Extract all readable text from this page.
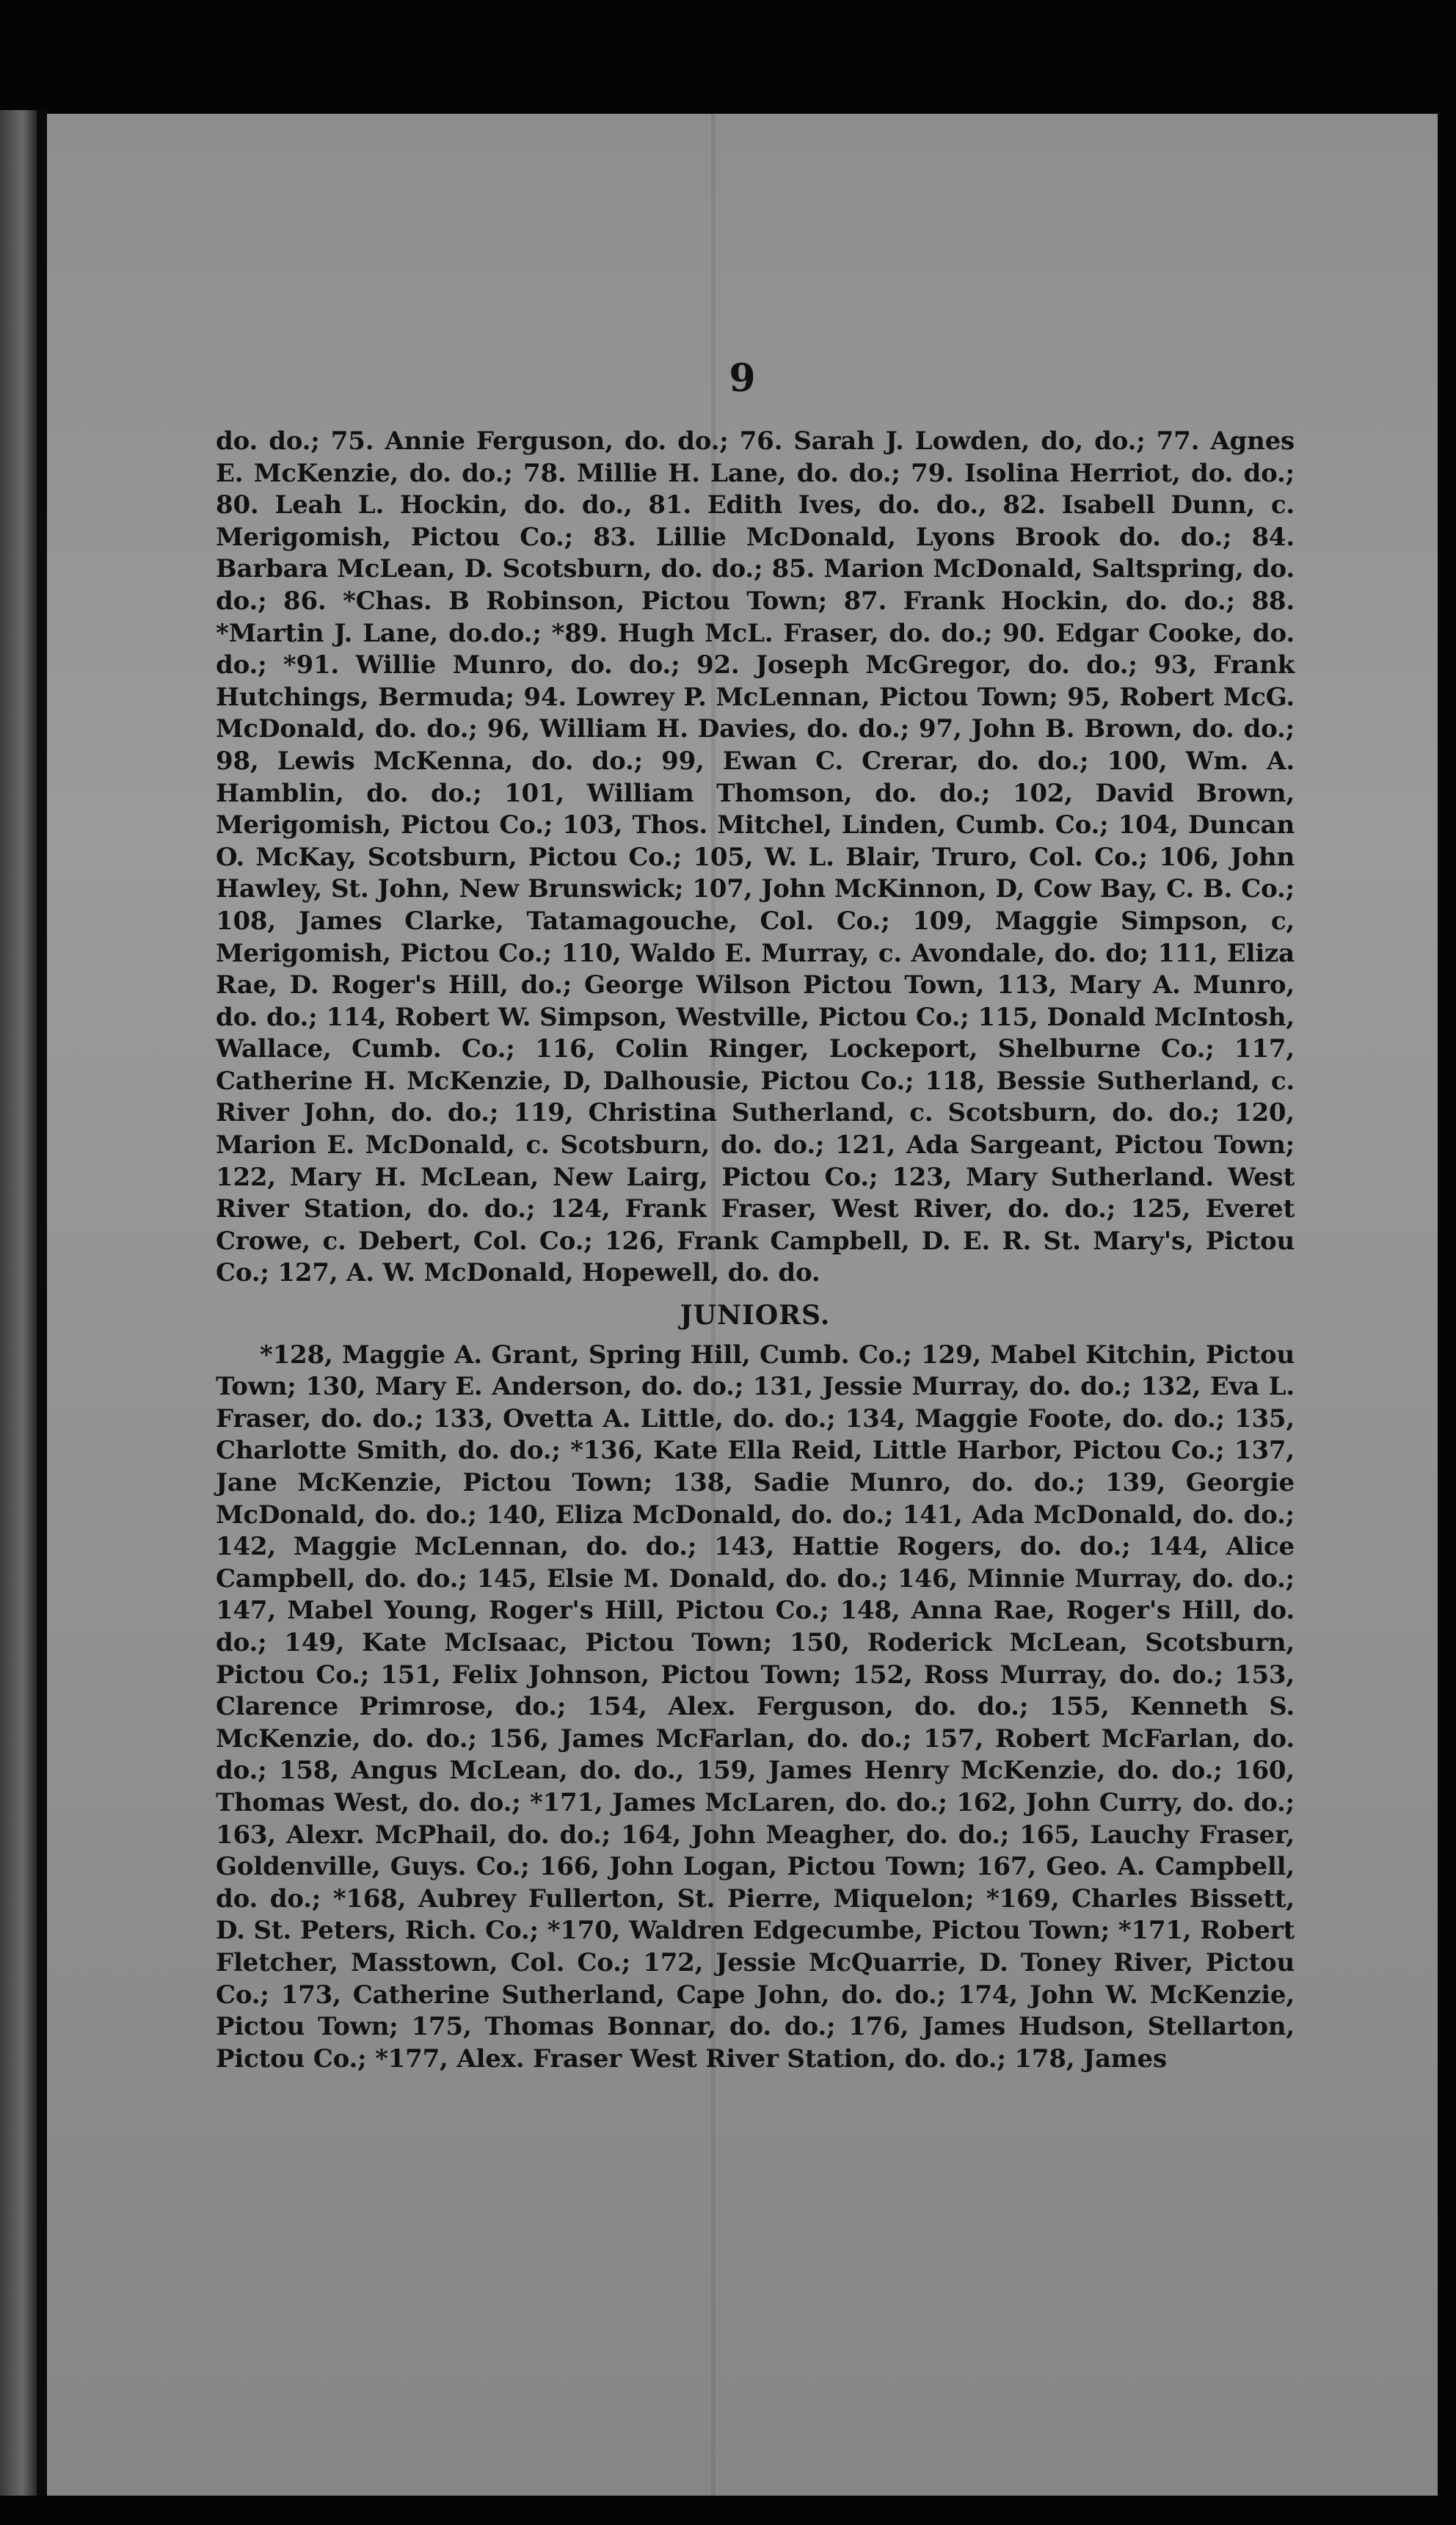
9

do. do.; 75. Annie Ferguson, do. do.; 76. Sarah J. Lowden, do, do.; 77. Agnes E. McKenzie, do. do.; 78. Millie H. Lane, do. do.; 79. Isolina Herriot, do. do.; 80. Leah L. Hockin, do. do., 81. Edith Ives, do. do., 82. Isabell Dunn, c. Merigomish, Pictou Co.; 83. Lillie McDonald, Lyons Brook do. do.; 84. Barbara McLean, D. Scotsburn, do. do.; 85. Marion McDonald, Saltspring, do. do.; 86. *Chas. B Robinson, Pictou Town; 87. Frank Hockin, do. do.; 88. *Martin J. Lane, do.do.; *89. Hugh McL. Fraser, do. do.; 90. Edgar Cooke, do. do.; *91. Willie Munro, do. do.; 92. Joseph McGregor, do. do.; 93, Frank Hutchings, Bermuda; 94. Lowrey P. McLennan, Pictou Town; 95, Robert McG. McDonald, do. do.; 96, William H. Davies, do. do.; 97, John B. Brown, do. do.; 98, Lewis McKenna, do. do.; 99, Ewan C. Crerar, do. do.; 100, Wm. A. Hamblin, do. do.; 101, William Thomson, do. do.; 102, David Brown, Merigomish, Pictou Co.; 103, Thos. Mitchel, Linden, Cumb. Co.; 104, Duncan O. McKay, Scotsburn, Pictou Co.; 105, W. L. Blair, Truro, Col. Co.; 106, John Hawley, St. John, New Brunswick; 107, John McKinnon, D, Cow Bay, C. B. Co.; 108, James Clarke, Tatamagouche, Col. Co.; 109, Maggie Simpson, c, Merigomish, Pictou Co.; 110, Waldo E. Murray, c. Avondale, do. do; 111, Eliza Rae, D. Roger's Hill, do.; George Wilson Pictou Town, 113, Mary A. Munro, do. do.; 114, Robert W. Simpson, Westville, Pictou Co.; 115, Donald McIntosh, Wallace, Cumb. Co.; 116, Colin Ringer, Lockeport, Shelburne Co.; 117, Catherine H. McKenzie, D, Dalhousie, Pictou Co.; 118, Bessie Sutherland, c. River John, do. do.; 119, Christina Sutherland, c. Scotsburn, do. do.; 120, Marion E. McDonald, c. Scotsburn, do. do.; 121, Ada Sargeant, Pictou Town; 122, Mary H. McLean, New Lairg, Pictou Co.; 123, Mary Sutherland. West River Station, do. do.; 124, Frank Fraser, West River, do. do.; 125, Everet Crowe, c. Debert, Col. Co.; 126, Frank Campbell, D. E. R. St. Mary's, Pictou Co.; 127, A. W. McDonald, Hopewell, do. do.

JUNIORS.

*128, Maggie A. Grant, Spring Hill, Cumb. Co.; 129, Mabel Kitchin, Pictou Town; 130, Mary E. Anderson, do. do.; 131, Jessie Murray, do. do.; 132, Eva L. Fraser, do. do.; 133, Ovetta A. Little, do. do.; 134, Maggie Foote, do. do.; 135, Charlotte Smith, do. do.; *136, Kate Ella Reid, Little Harbor, Pictou Co.; 137, Jane McKenzie, Pictou Town; 138, Sadie Munro, do. do.; 139, Georgie McDonald, do. do.; 140, Eliza McDonald, do. do.; 141, Ada McDonald, do. do.; 142, Maggie McLennan, do. do.; 143, Hattie Rogers, do. do.; 144, Alice Campbell, do. do.; 145, Elsie M. Donald, do. do.; 146, Minnie Murray, do. do.; 147, Mabel Young, Roger's Hill, Pictou Co.; 148, Anna Rae, Roger's Hill, do. do.; 149, Kate McIsaac, Pictou Town; 150, Roderick McLean, Scotsburn, Pictou Co.; 151, Felix Johnson, Pictou Town; 152, Ross Murray, do. do.; 153, Clarence Primrose, do.; 154, Alex. Ferguson, do. do.; 155, Kenneth S. McKenzie, do. do.; 156, James McFarlan, do. do.; 157, Robert McFarlan, do. do.; 158, Angus McLean, do. do., 159, James Henry McKenzie, do. do.; 160, Thomas West, do. do.; *171, James McLaren, do. do.; 162, John Curry, do. do.; 163, Alexr. McPhail, do. do.; 164, John Meagher, do. do.; 165, Lauchy Fraser, Goldenville, Guys. Co.; 166, John Logan, Pictou Town; 167, Geo. A. Campbell, do. do.; *168, Aubrey Fullerton, St. Pierre, Miquelon; *169, Charles Bissett, D. St. Peters, Rich. Co.; *170, Waldren Edgecumbe, Pictou Town; *171, Robert Fletcher, Masstown, Col. Co.; 172, Jessie McQuarrie, D. Toney River, Pictou Co.; 173, Catherine Sutherland, Cape John, do. do.; 174, John W. McKenzie, Pictou Town; 175, Thomas Bonnar, do. do.; 176, James Hudson, Stellarton, Pictou Co.; *177, Alex. Fraser West River Station, do. do.; 178, James
